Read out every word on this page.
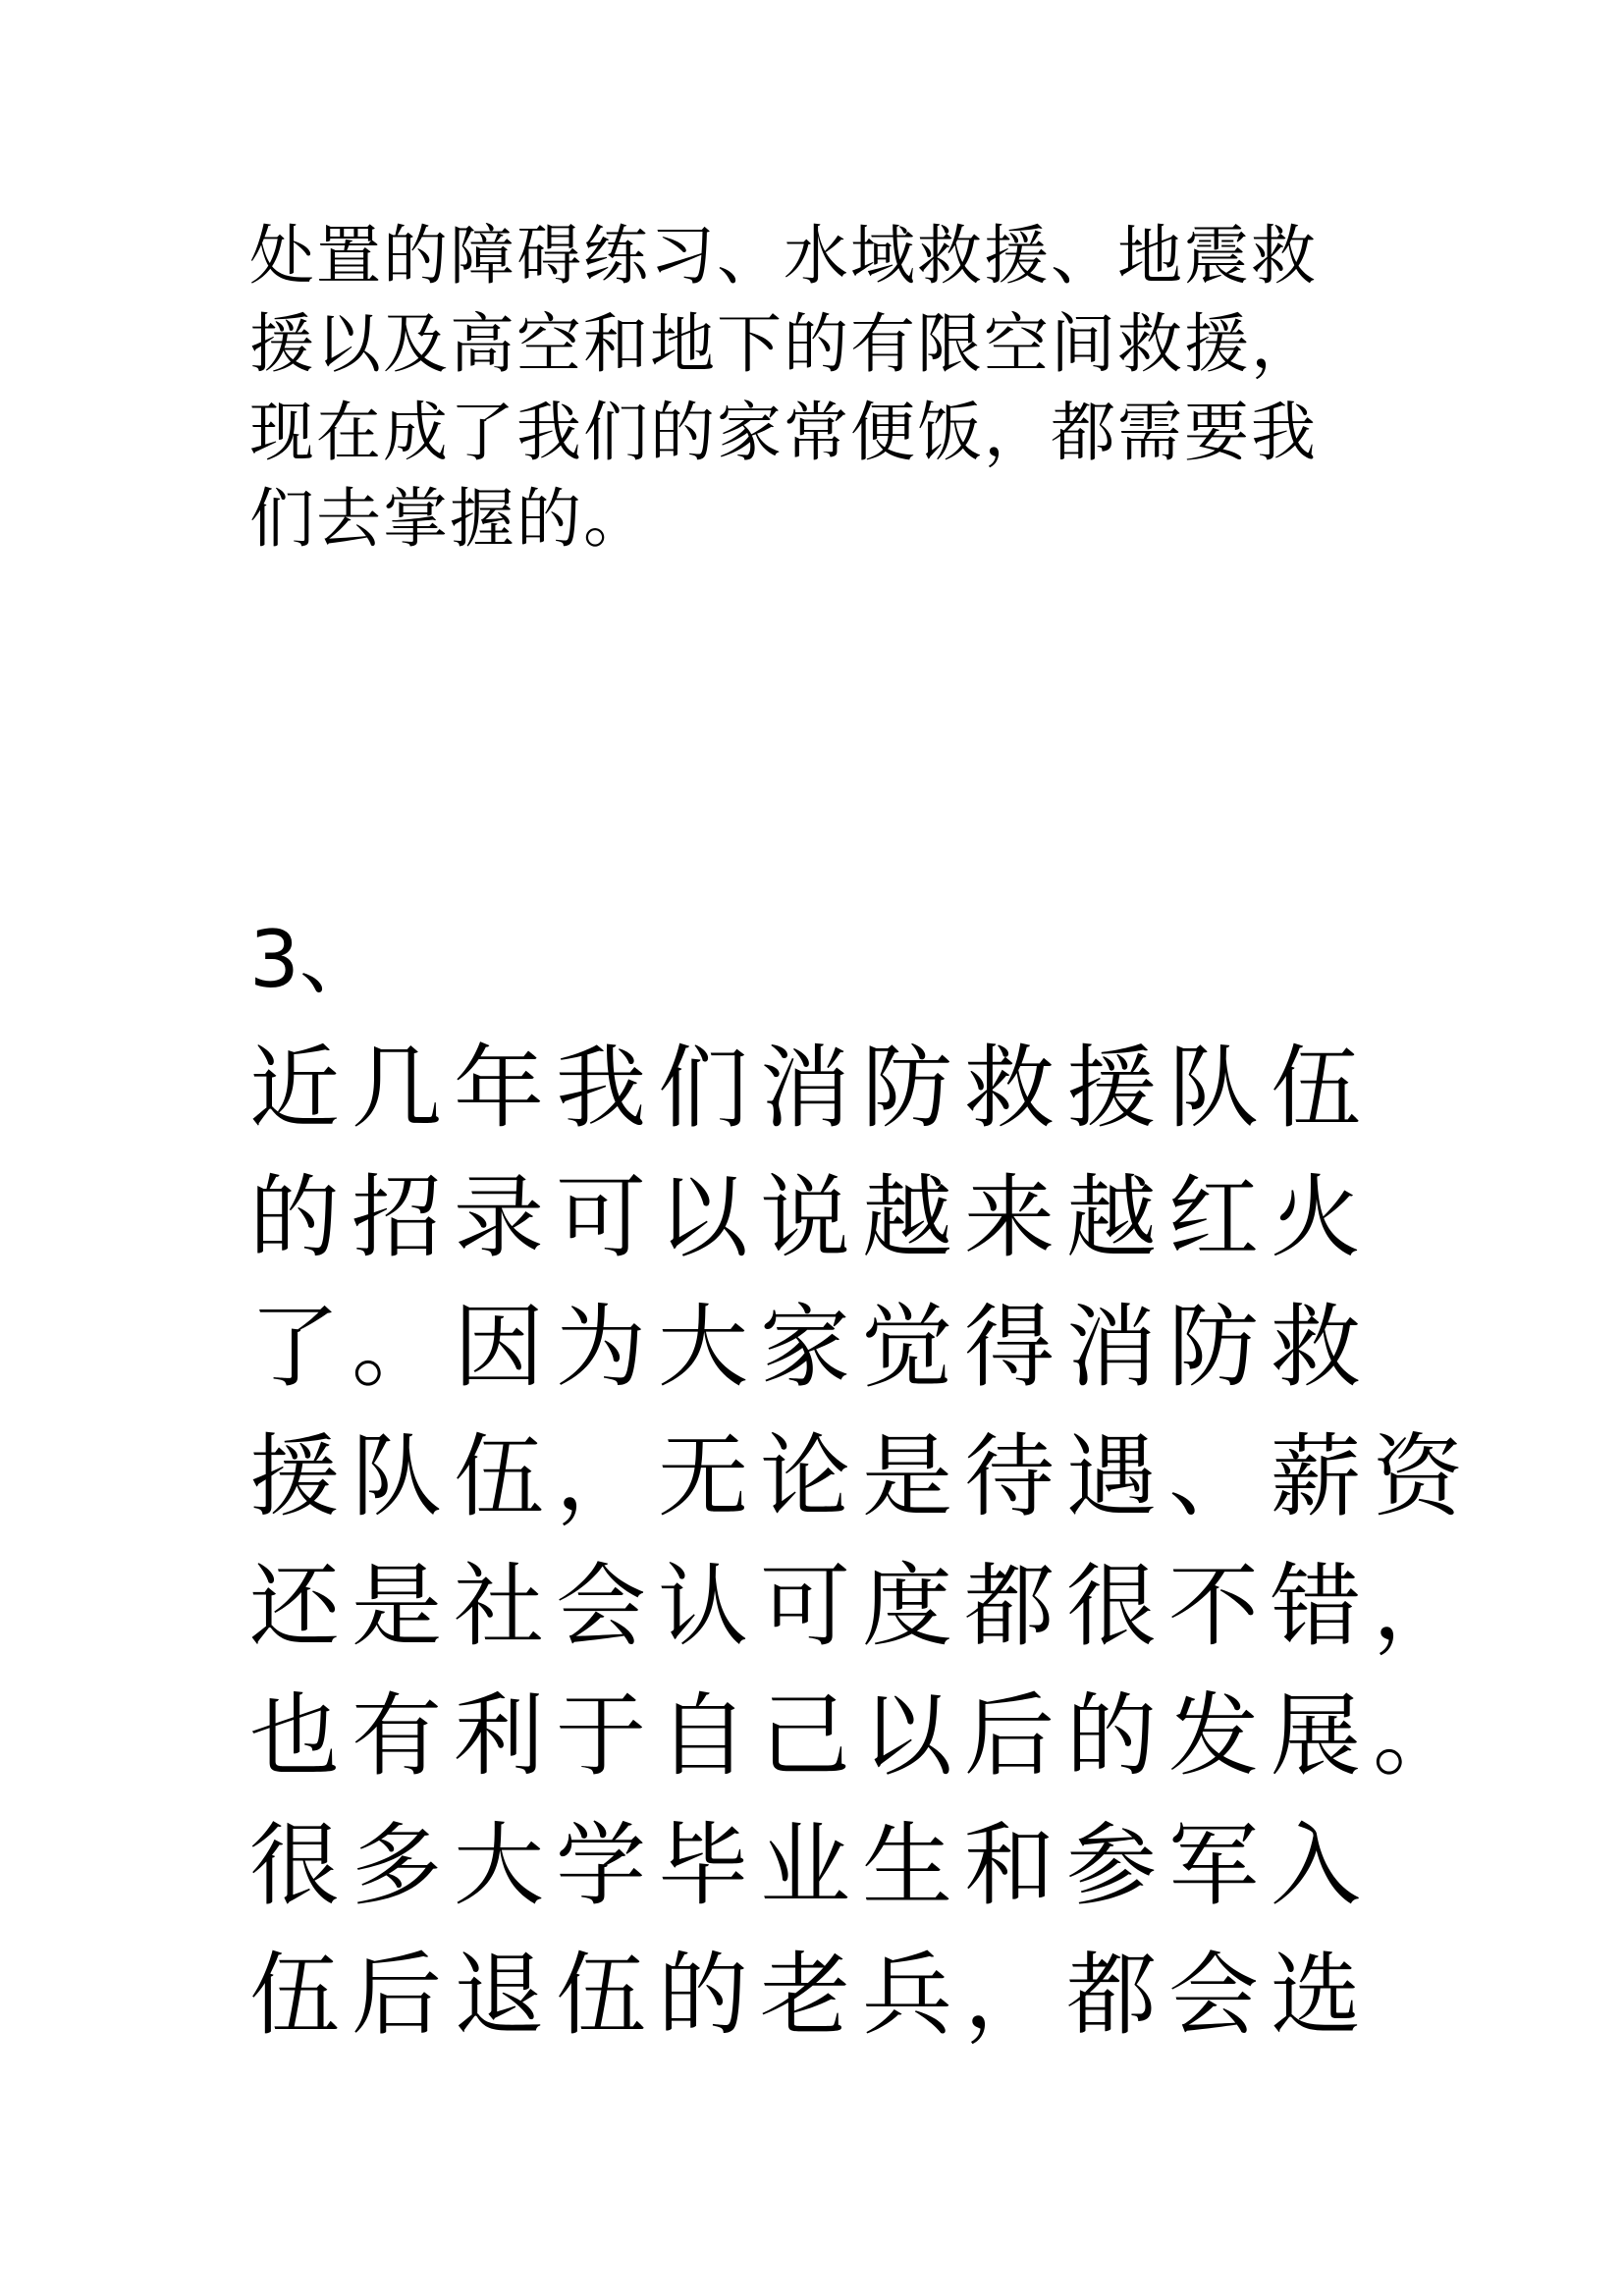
处置的障碍练习、水域救援、地震救

援以及高空和地下的有限空间救援，

现在成了我们的家常便饭，都需要我

们去掌握的。

3、

近几年我们消防救援队伍

的招录可以说越来越红火

了。因为大家觉得消防救

援队伍，无论是待遇、薪资

还是社会认可度都很不错，

也有利于自己以后的发展。

很多大学毕业生和参军入

伍后退伍的老兵，都会选
